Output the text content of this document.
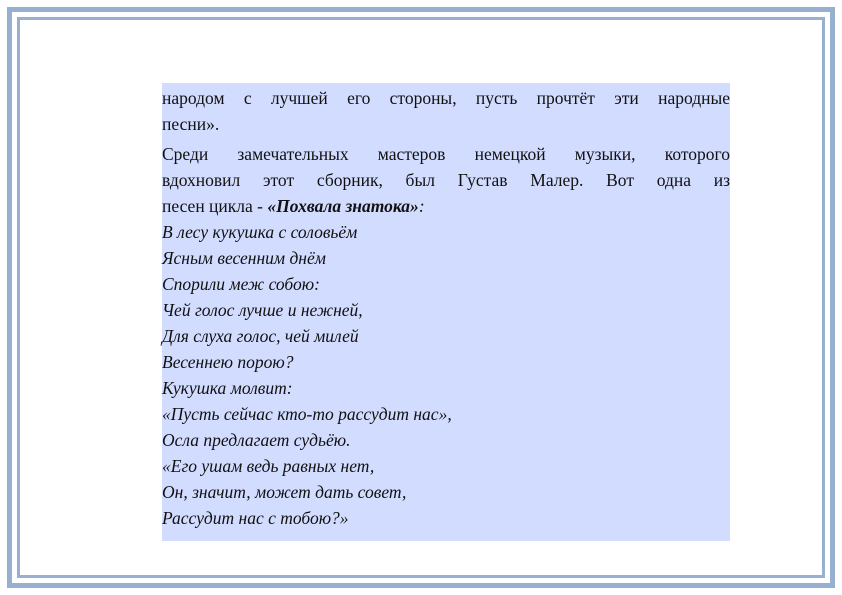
народом с лучшей его стороны, пусть прочтёт эти народные
песни».

Среди замечательных мастеров немецкой музыки, которого
вдохновил этот сборник, был Густав Малер. Вот одна из
песен цикла - «Похвала знатока»:

В лесу кукушка с соловьём
Ясным весенним днём
Спорили меж собою:
Чей голос лучше и нежней,
Для слуха голос, чей милей
Весеннею порою?
Кукушка молвит:
«Пусть сейчас кто-то рассудит нас»,
Осла предлагает судьёю.
«Его ушам ведь равных нет,
Он, значит, может дать совет,
Рассудит нас с тобою?»
